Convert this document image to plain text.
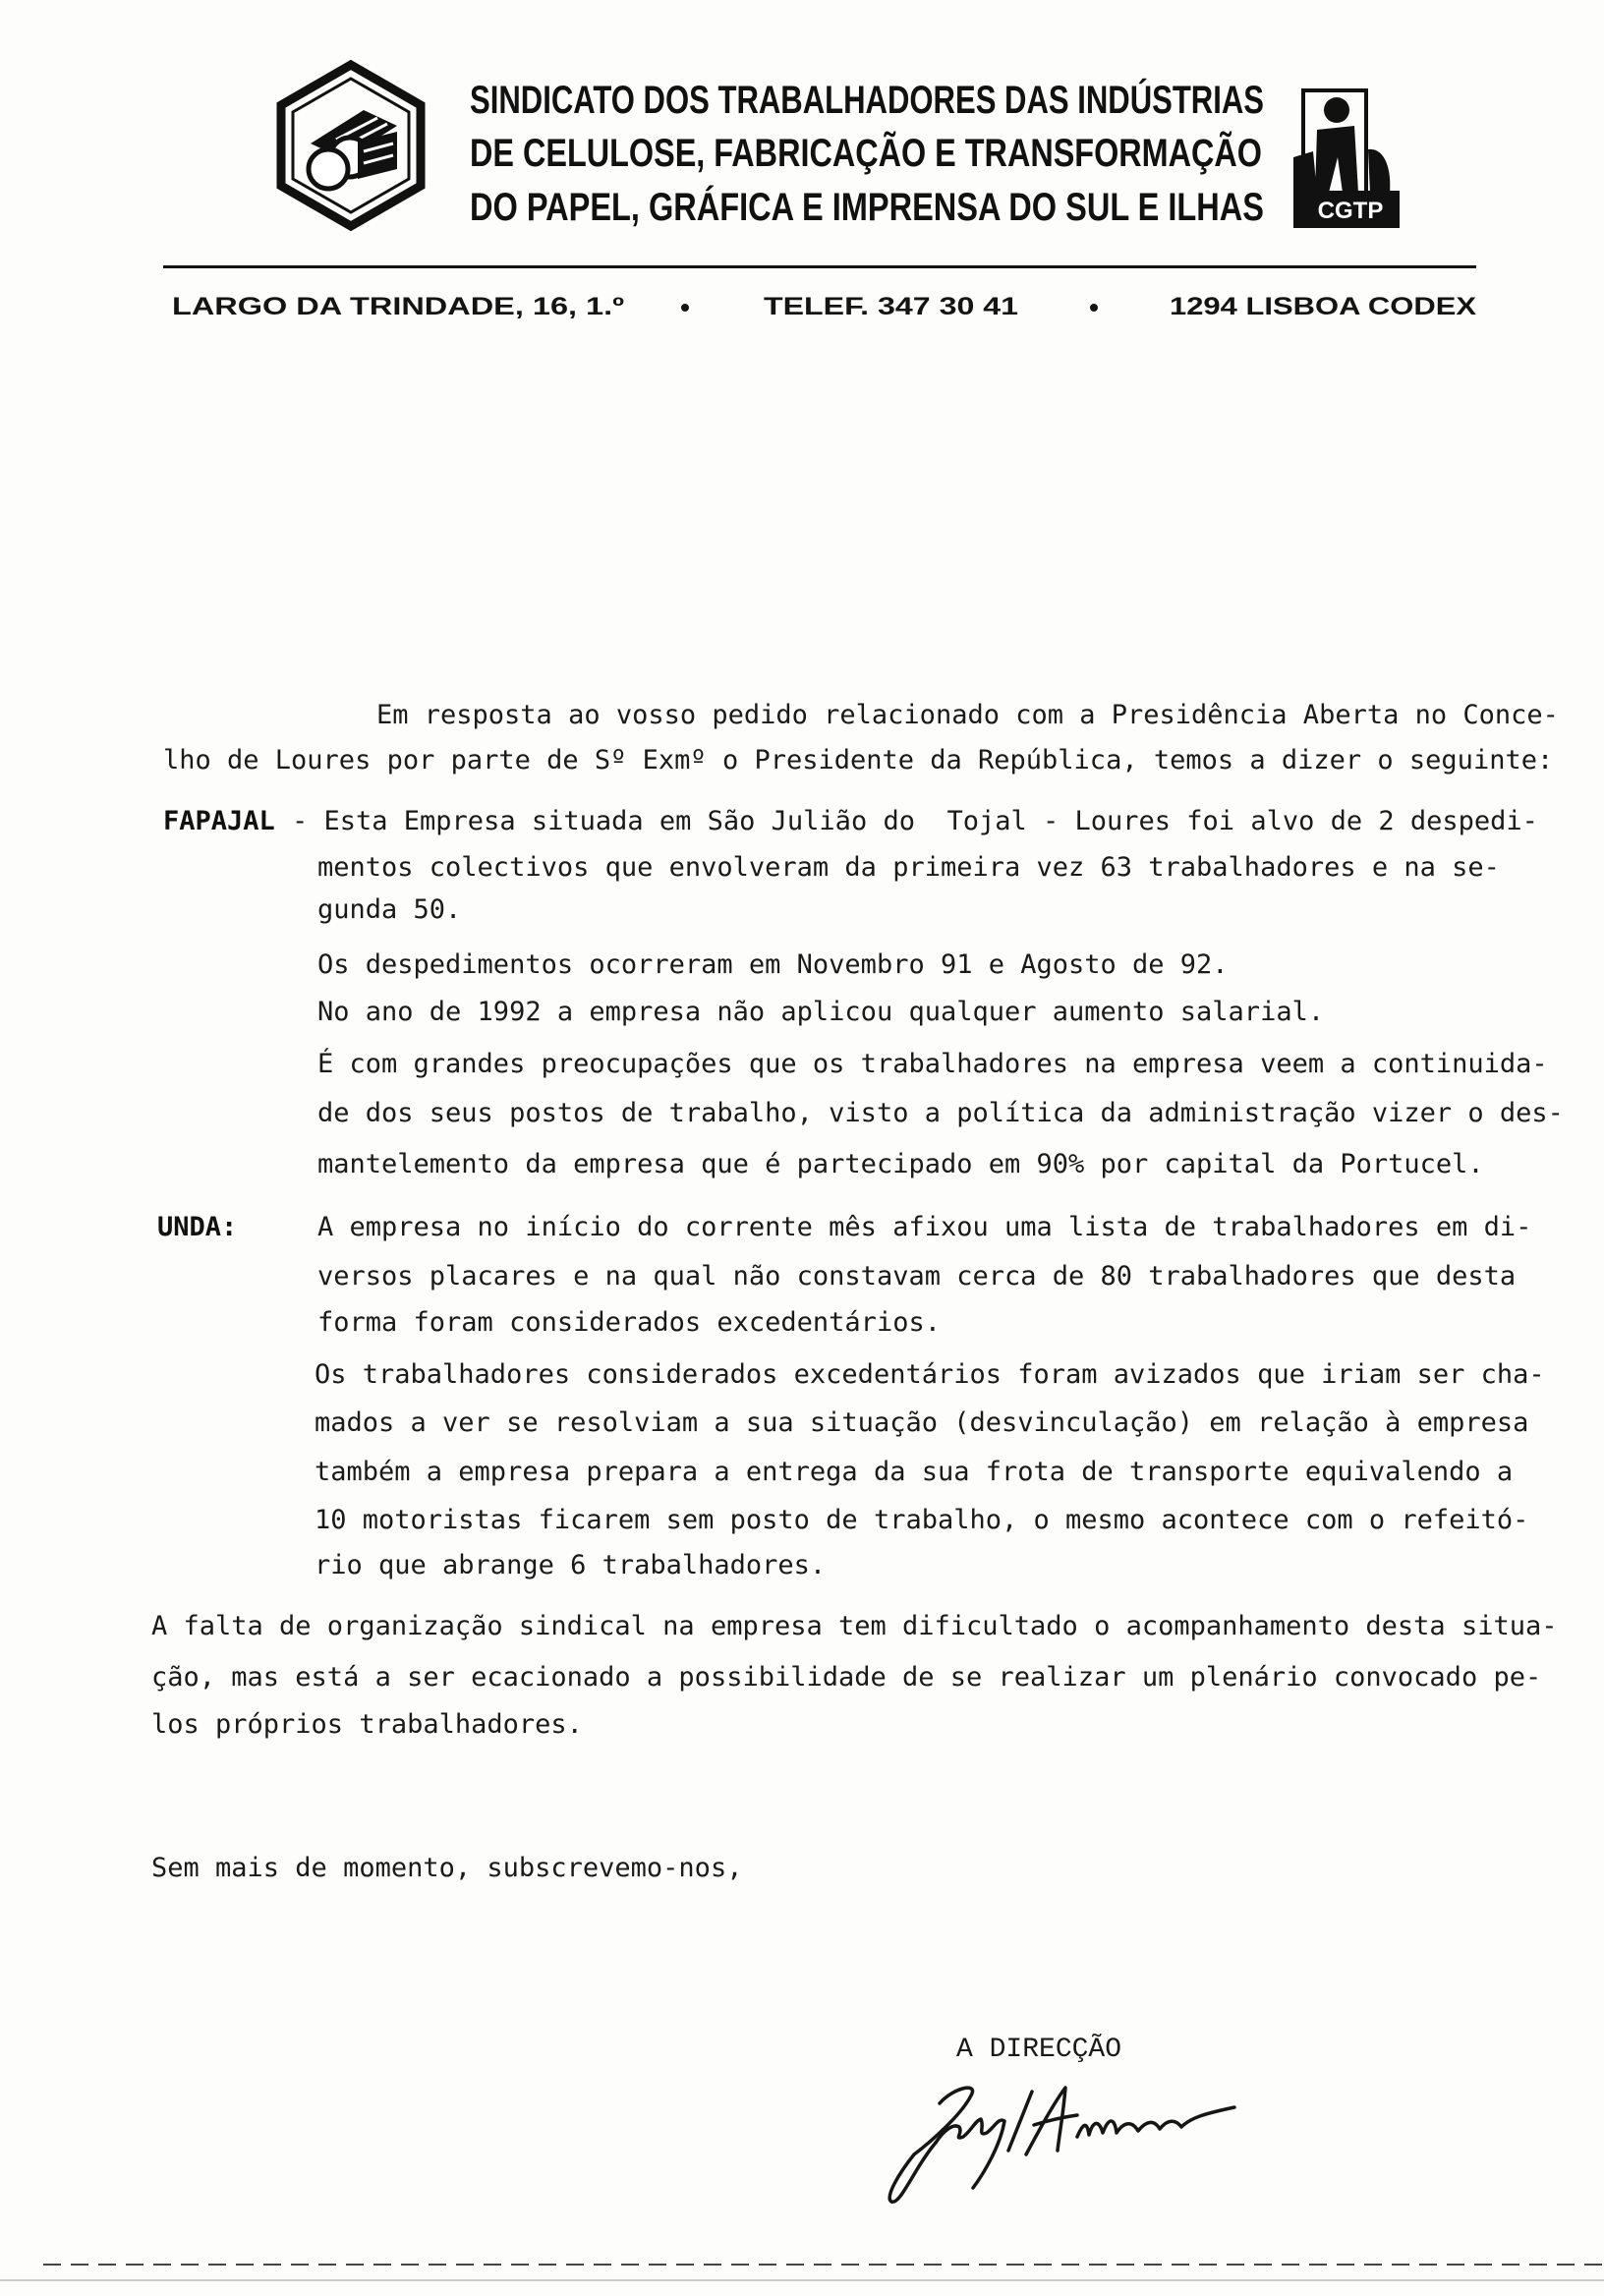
SINDICATO DOS TRABALHADORES DAS INDÚSTRIAS
DE CELULOSE, FABRICAÇÃO E TRANSFORMAÇÃO
DO PAPEL, GRÁFICA E IMPRENSA DO SUL E ILHAS CGTP
LARGO DA TRINDADE, 16, 1.º	TELEF. 347 30 41	1294 LISBOA CODEX
Em resposta ao vosso pedido relacionado com a Presidência Aberta no Conce-
lho de Loures por parte de Sº Exmº o Presidente da República, temos a dizer o seguinte:
FAPAJAL - Esta Empresa situada em São Julião do  Tojal - Loures foi alvo de 2 despedi-
mentos colectivos que envolveram da primeira vez 63 trabalhadores e na se-
gunda 50.
Os despedimentos ocorreram em Novembro 91 e Agosto de 92.
No ano de 1992 a empresa não aplicou qualquer aumento salarial.
É com grandes preocupações que os trabalhadores na empresa veem a continuida-
de dos seus postos de trabalho, visto a política da administração vizer o des-
mantelemento da empresa que é partecipado em 90% por capital da Portucel.
UNDA:	A empresa no início do corrente mês afixou uma lista de trabalhadores em di-
versos placares e na qual não constavam cerca de 80 trabalhadores que desta
forma foram considerados excedentários.
Os trabalhadores considerados excedentários foram avizados que iriam ser cha-
mados a ver se resolviam a sua situação (desvinculação) em relação à empresa
também a empresa prepara a entrega da sua frota de transporte equivalendo a
10 motoristas ficarem sem posto de trabalho, o mesmo acontece com o refeitó-
rio que abrange 6 trabalhadores.
A falta de organização sindical na empresa tem dificultado o acompanhamento desta situa-
ção, mas está a ser ecacionado a possibilidade de se realizar um plenário convocado pe-
los próprios trabalhadores.
Sem mais de momento, subscrevemo-nos,
A DIRECÇÃO
